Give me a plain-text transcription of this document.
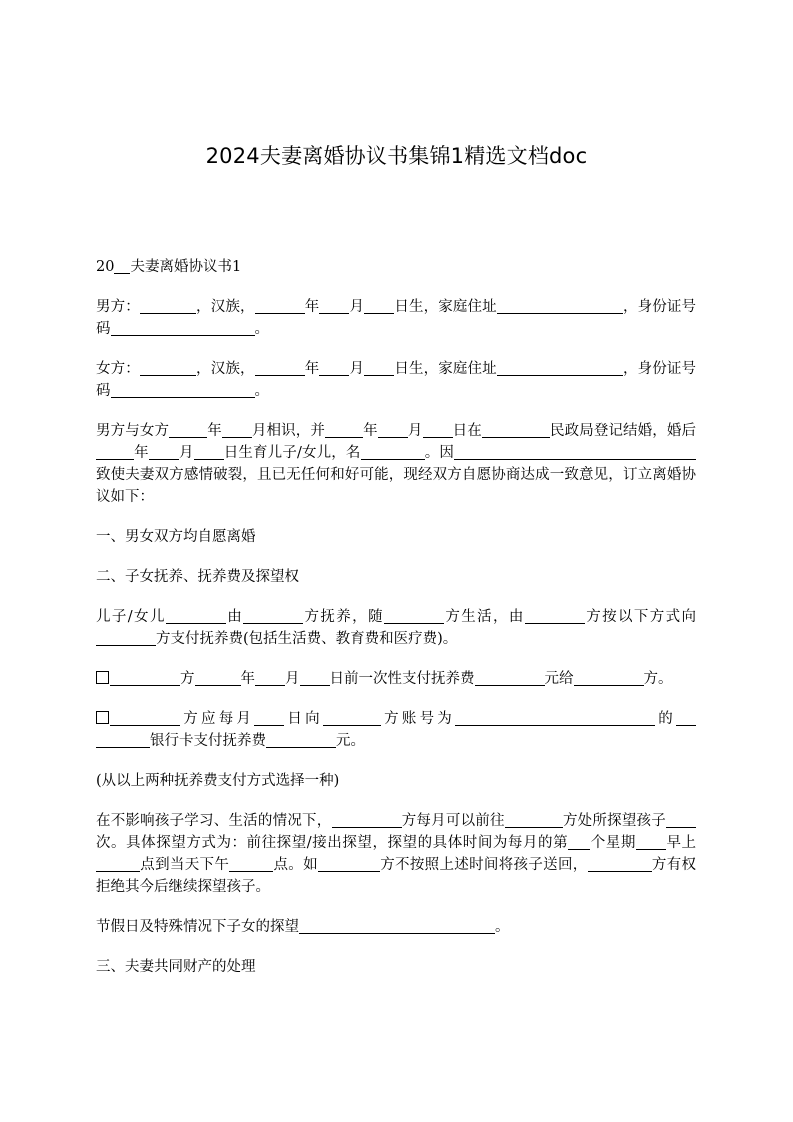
2024夫妻离婚协议书集锦1精选文档doc

20 夫妻离婚协议书1

男方：	，汉族，	年 月 日生，家庭住址	，身份证号码	。

女方：	，汉族，	年 月 日生，家庭住址	，身份证号码	。

男方与女方	年 月相识，并	年 月 日在	民政局登记结婚，婚后年 月 日生育儿子/女儿，名	。因致使夫妻双方感情破裂，且已无任何和好可能，现经双方自愿协商达成一致意见，订立离婚协议如下：

一、男女双方均自愿离婚

二、子女抚养、抚养费及探望权

儿子/女儿	由	方抚养，随	方生活，由	方按以下方式向方支付抚养费(包括生活费、教育费和医疗费)。

方	年 月 日前一次性支付抚养费	元给	方。

方应每月 日向	方账号为	的银行卡支付抚养费	元。

(从以上两种抚养费支付方式选择一种)

在不影响孩子学习、生活的情况下，	方每月可以前往	方处所探望孩子次。具体探望方式为：前往探望/接出探望，探望的具体时间为每月的第 个星期 早上点到当天下午	点。如	方不按照上述时间将孩子送回，	方有权拒绝其今后继续探望孩子。

节假日及特殊情况下子女的探望	。

三、夫妻共同财产的处理
